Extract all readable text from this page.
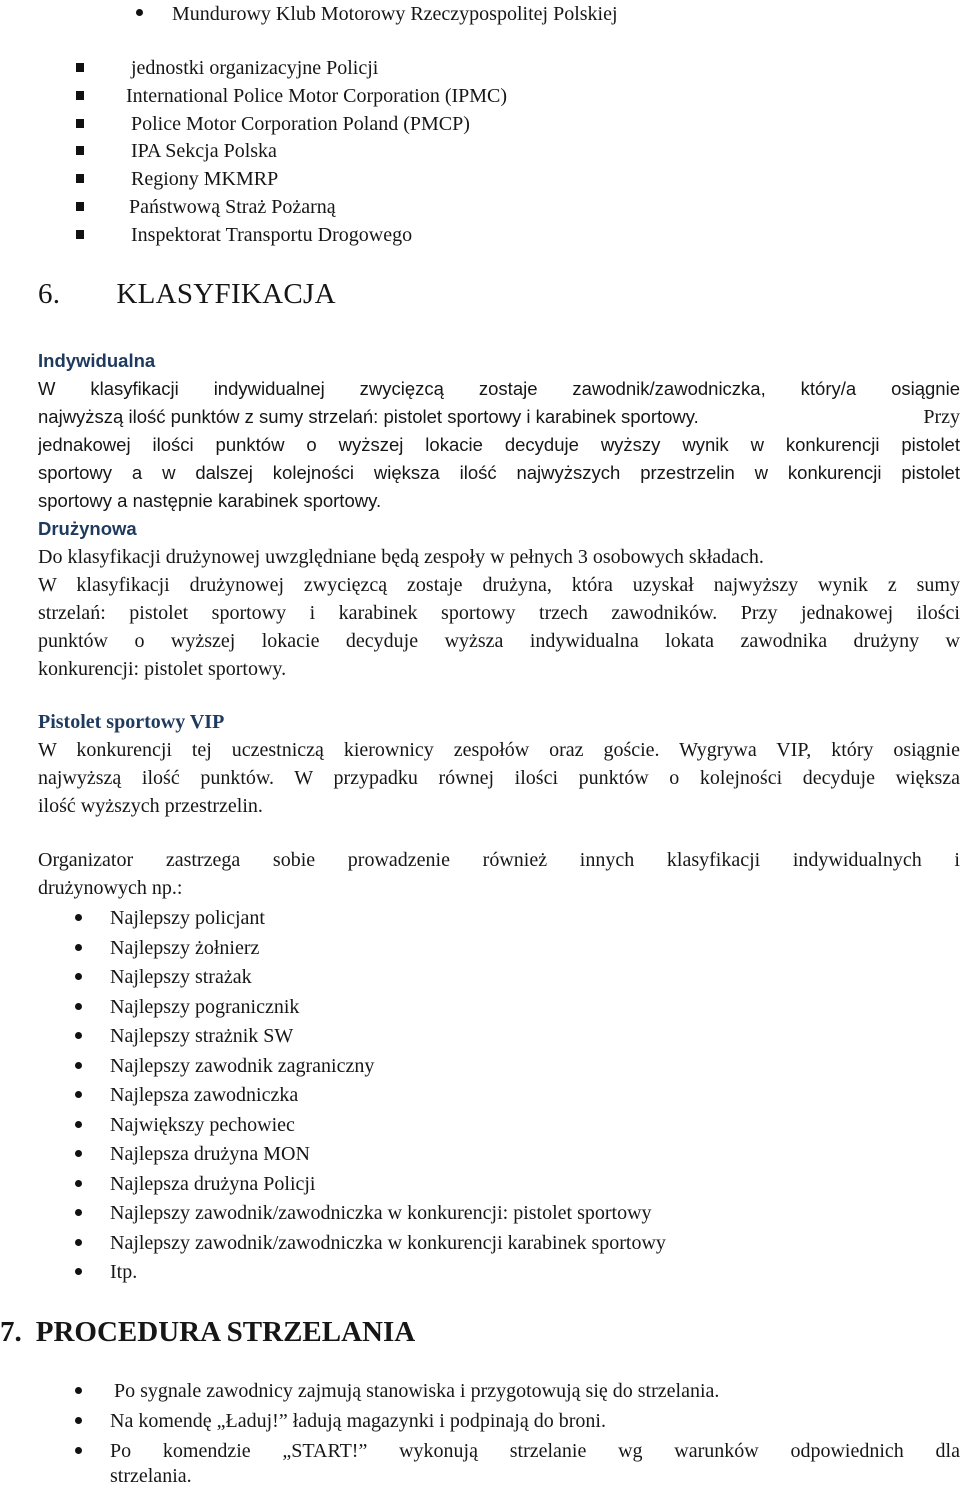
Mundurowy Klub Motorowy Rzeczypospolitej Polskiej
jednostki organizacyjne Policji
International Police Motor Corporation (IPMC)
Police Motor Corporation Poland (PMCP)
IPA Sekcja Polska
Regiony MKMRP
Państwową Straż Pożarną
Inspektorat Transportu Drogowego
6. KLASYFIKACJA
Indywidualna
W klasyfikacji indywidualnej zwycięzcą zostaje zawodnik/zawodniczka, który/a osiągnie
najwyższą ilość punktów z sumy strzelań: pistolet sportowy i karabinek sportowy.	Przy
jednakowej ilości punktów o wyższej lokacie decyduje wyższy wynik w konkurencji pistolet
sportowy a w dalszej kolejności większa ilość najwyższych przestrzelin w konkurencji pistolet
sportowy a następnie karabinek sportowy.
Drużynowa
Do klasyfikacji drużynowej uwzględniane będą zespoły w pełnych 3 osobowych składach.
W klasyfikacji drużynowej zwycięzcą zostaje drużyna, która uzyskał najwyższy wynik z sumy
strzelań: pistolet sportowy i karabinek sportowy trzech zawodników. Przy jednakowej ilości
punktów o wyższej lokacie decyduje wyższa indywidualna lokata zawodnika drużyny w
konkurencji: pistolet sportowy.
Pistolet sportowy VIP
W konkurencji tej uczestniczą kierownicy zespołów oraz goście. Wygrywa VIP, który osiągnie
najwyższą ilość punktów. W przypadku równej ilości punktów o kolejności decyduje większa
ilość wyższych przestrzelin.
Organizator zastrzega sobie prowadzenie również innych klasyfikacji indywidualnych i
drużynowych np.:
Najlepszy policjant
Najlepszy żołnierz
Najlepszy strażak
Najlepszy pogranicznik
Najlepszy strażnik SW
Najlepszy zawodnik zagraniczny
Najlepsza zawodniczka
Największy pechowiec
Najlepsza drużyna MON
Najlepsza drużyna Policji
Najlepszy zawodnik/zawodniczka w konkurencji: pistolet sportowy
Najlepszy zawodnik/zawodniczka w konkurencji karabinek sportowy
Itp.
7. PROCEDURA STRZELANIA
Po sygnale zawodnicy zajmują stanowiska i przygotowują się do strzelania.
Na komendę „Ładuj!” ładują magazynki i podpinają do broni.
Po komendzie „START!” wykonują strzelanie wg warunków odpowiednich dla
strzelania.
